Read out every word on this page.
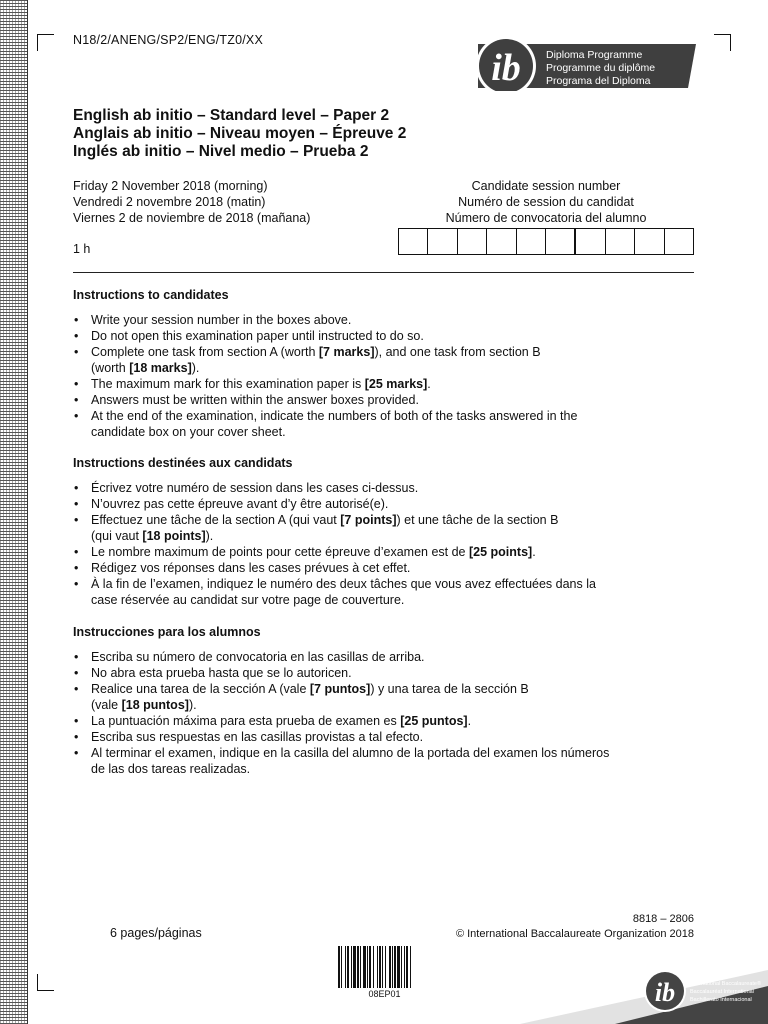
N18/2/ANENG/SP2/ENG/TZ0/XX
ib Diploma Programme
Programme du diplôme
Programa del Diploma
English ab initio – Standard level – Paper 2
Anglais ab initio – Niveau moyen – Épreuve 2
Inglés ab initio – Nivel medio – Prueba 2
Friday 2 November 2018 (morning)
Vendredi 2 novembre 2018 (matin)
Viernes 2 de noviembre de 2018 (mañana)
1 h
Candidate session number
Numéro de session du candidat
Número de convocatoria del alumno
Instructions to candidates
• Write your session number in the boxes above.
• Do not open this examination paper until instructed to do so.
• Complete one task from section A (worth [7 marks]), and one task from section B
(worth [18 marks]).
• The maximum mark for this examination paper is [25 marks].
• Answers must be written within the answer boxes provided.
• At the end of the examination, indicate the numbers of both of the tasks answered in the
candidate box on your cover sheet.
Instructions destinées aux candidats
• Écrivez votre numéro de session dans les cases ci-dessus.
• N’ouvrez pas cette épreuve avant d’y être autorisé(e).
• Effectuez une tâche de la section A (qui vaut [7 points]) et une tâche de la section B
(qui vaut [18 points]).
• Le nombre maximum de points pour cette épreuve d’examen est de [25 points].
• Rédigez vos réponses dans les cases prévues à cet effet.
• À la fin de l’examen, indiquez le numéro des deux tâches que vous avez effectuées dans la
case réservée au candidat sur votre page de couverture.
Instrucciones para los alumnos
• Escriba su número de convocatoria en las casillas de arriba.
• No abra esta prueba hasta que se lo autoricen.
• Realice una tarea de la sección A (vale [7 puntos]) y una tarea de la sección B
(vale [18 puntos]).
• La puntuación máxima para esta prueba de examen es [25 puntos].
• Escriba sus respuestas en las casillas provistas a tal efecto.
• Al terminar el examen, indique en la casilla del alumno de la portada del examen los números
de las dos tareas realizadas.
6 pages/páginas
8818 – 2806
© International Baccalaureate Organization 2018
08EP01	ib	International Baccalaureate®
Baccalauréat International
Bachillerato Internacional
